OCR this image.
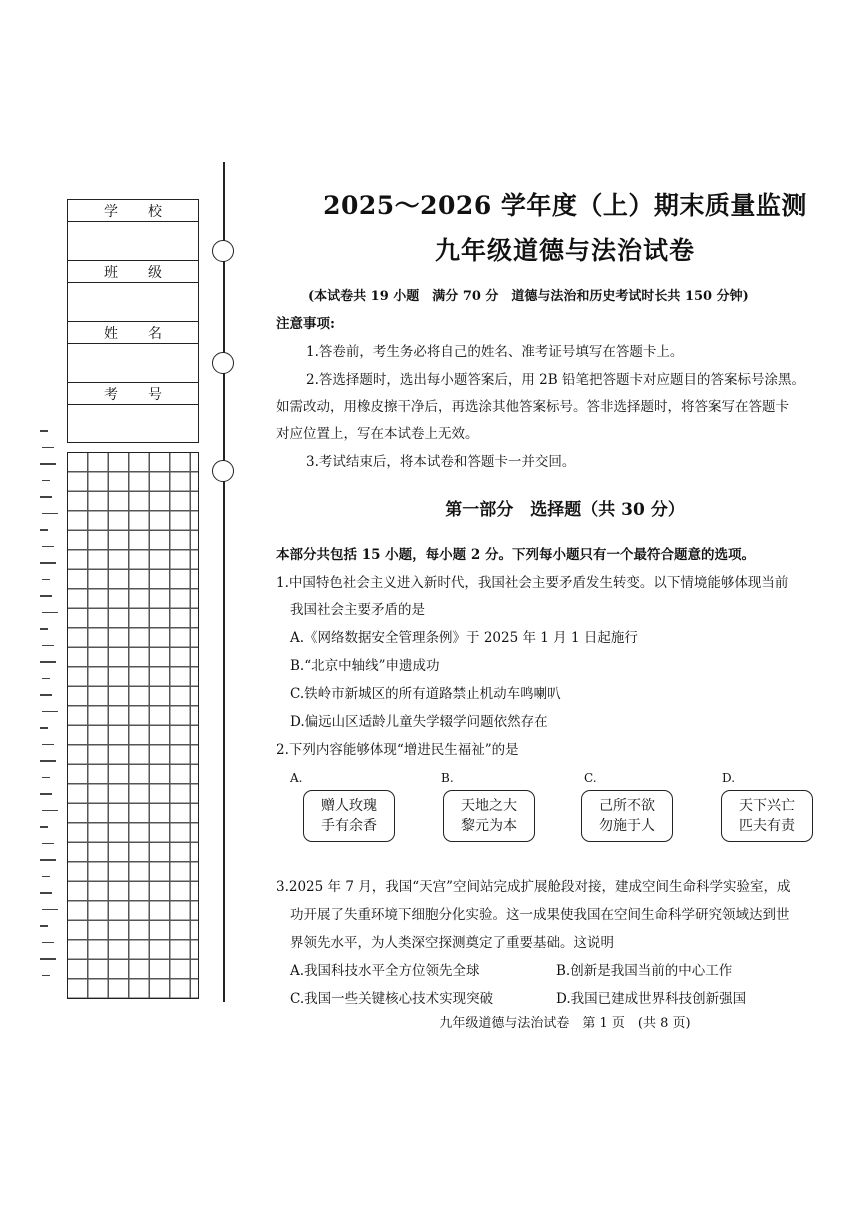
学校
班级
姓名
考号
2025～2026 学年度（上）期末质量监测
九年级道德与法治试卷
(本试卷共 19 小题　满分 70 分　道德与法治和历史考试时长共 150 分钟)
注意事项:
1.答卷前，考生务必将自己的姓名、准考证号填写在答题卡上。
2.答选择题时，选出每小题答案后，用 2B 铅笔把答题卡对应题目的答案标号涂黑。
如需改动，用橡皮擦干净后，再选涂其他答案标号。答非选择题时，将答案写在答题卡
对应位置上，写在本试卷上无效。
3.考试结束后，将本试卷和答题卡一并交回。
第一部分　选择题（共 30 分）
本部分共包括 15 小题，每小题 2 分。下列每小题只有一个最符合题意的选项。
1.中国特色社会主义进入新时代，我国社会主要矛盾发生转变。以下情境能够体现当前
我国社会主要矛盾的是
A.《网络数据安全管理条例》于 2025 年 1 月 1 日起施行
B.“北京中轴线”申遗成功
C.铁岭市新城区的所有道路禁止机动车鸣喇叭
D.偏远山区适龄儿童失学辍学问题依然存在
2.下列内容能够体现“增进民生福祉”的是
A.
赠人玫瑰
手有余香
B.
天地之大
黎元为本
C.
己所不欲
勿施于人
D.
天下兴亡
匹夫有责
3.2025 年 7 月，我国“天宫”空间站完成扩展舱段对接，建成空间生命科学实验室，成
功开展了失重环境下细胞分化实验。这一成果使我国在空间生命科学研究领域达到世
界领先水平，为人类深空探测奠定了重要基础。这说明
A.我国科技水平全方位领先全球	B.创新是我国当前的中心工作
C.我国一些关键核心技术实现突破	D.我国已建成世界科技创新强国
九年级道德与法治试卷　第 1 页　(共 8 页)
